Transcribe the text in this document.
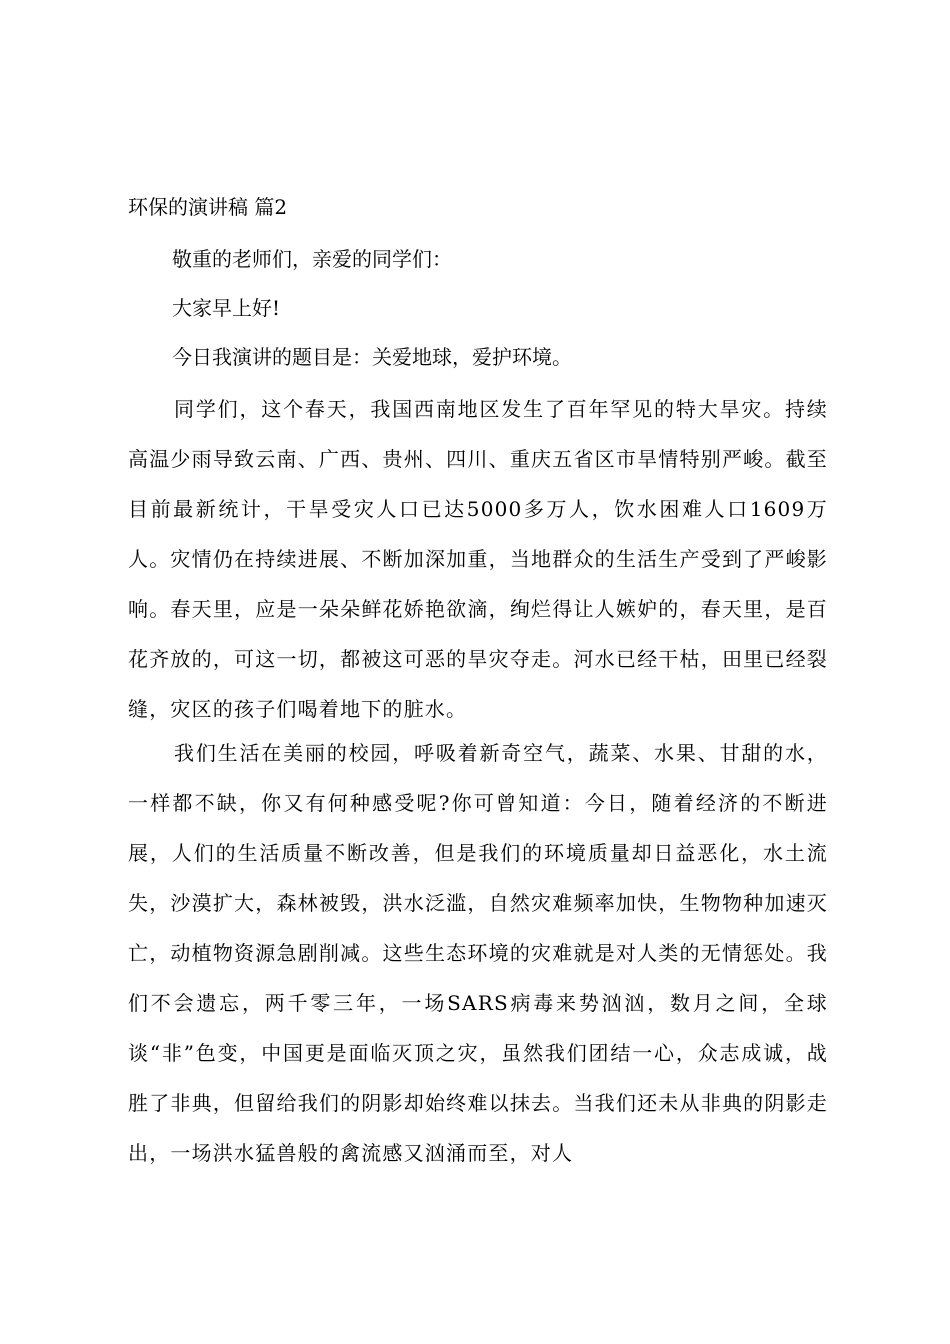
环保的演讲稿 篇2
敬重的老师们，亲爱的同学们：
大家早上好!
今日我演讲的题目是：关爱地球，爱护环境。
同学们，这个春天，我国西南地区发生了百年罕见的特大旱灾。持续高温少雨导致云南、广西、贵州、四川、重庆五省区市旱情特别严峻。截至目前最新统计，干旱受灾人口已达5000多万人，饮水困难人口1609万人。灾情仍在持续进展、不断加深加重，当地群众的生活生产受到了严峻影响。春天里，应是一朵朵鲜花娇艳欲滴，绚烂得让人嫉妒的，春天里，是百花齐放的，可这一切，都被这可恶的旱灾夺走。河水已经干枯，田里已经裂缝，灾区的孩子们喝着地下的脏水。
我们生活在美丽的校园，呼吸着新奇空气，蔬菜、水果、甘甜的水，一样都不缺，你又有何种感受呢?你可曾知道：今日，随着经济的不断进展，人们的生活质量不断改善，但是我们的环境质量却日益恶化，水土流失，沙漠扩大，森林被毁，洪水泛滥，自然灾难频率加快，生物物种加速灭亡，动植物资源急剧削减。这些生态环境的灾难就是对人类的无情惩处。我们不会遗忘，两千零三年，一场SARS病毒来势汹汹，数月之间，全球谈“非”色变，中国更是面临灭顶之灾，虽然我们团结一心，众志成诚，战胜了非典，但留给我们的阴影却始终难以抹去。当我们还未从非典的阴影走出，一场洪水猛兽般的禽流感又汹涌而至，对人
